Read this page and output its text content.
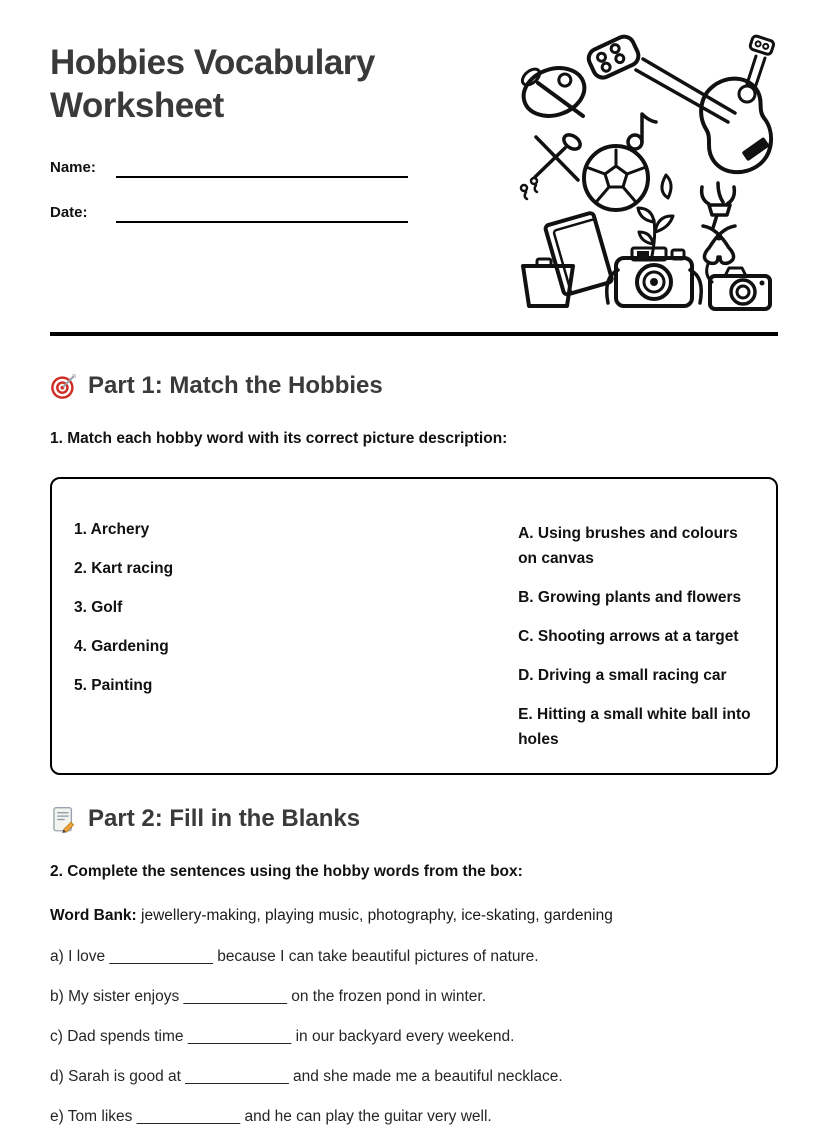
Hobbies Vocabulary Worksheet
Name:
Date:
Part 1: Match the Hobbies

1. Match each hobby word with its correct picture description:

1. Archery

2. Kart racing

3. Golf

4. Gardening

5. Painting

A. Using brushes and colours on canvas

B. Growing plants and flowers

C. Shooting arrows at a target

D. Driving a small racing car

E. Hitting a small white ball into holes

Part 2: Fill in the Blanks

2. Complete the sentences using the hobby words from the box:

Word Bank: jewellery-making, playing music, photography, ice-skating, gardening

a) I love ____________ because I can take beautiful pictures of nature.

b) My sister enjoys ____________ on the frozen pond in winter.

c) Dad spends time ____________ in our backyard every weekend.

d) Sarah is good at ____________ and she made me a beautiful necklace.

e) Tom likes ____________ and he can play the guitar very well.
